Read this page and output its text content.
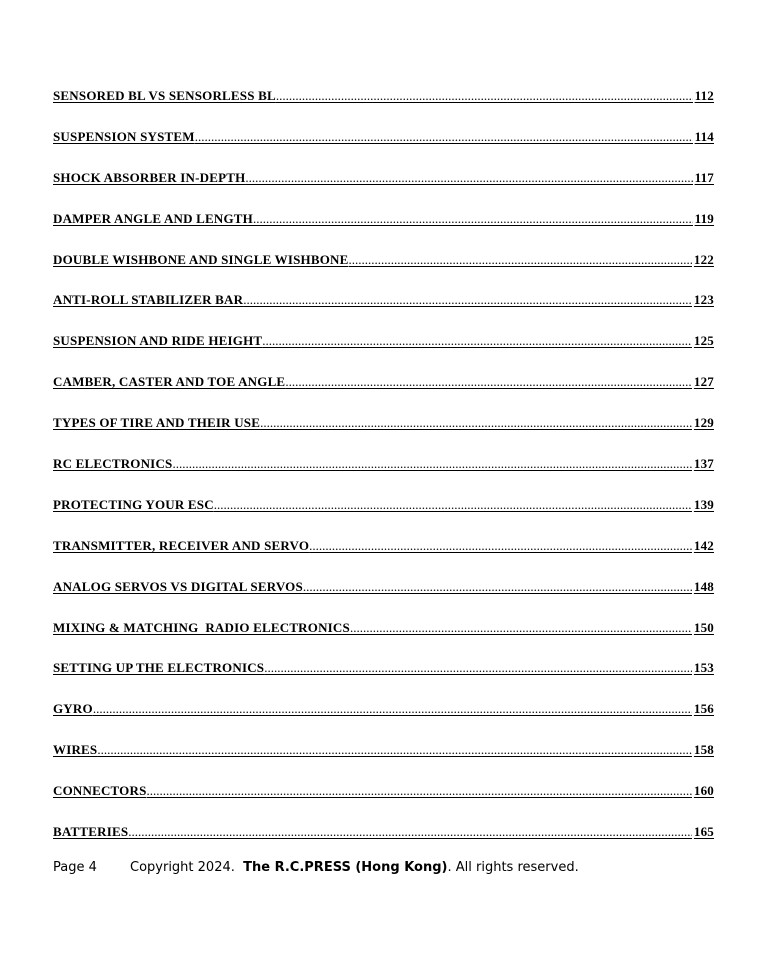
SENSORED BL VS SENSORLESS BL .....	112
SUSPENSION SYSTEM .....	114
SHOCK ABSORBER IN-DEPTH .....	117
DAMPER ANGLE AND LENGTH .....	119
DOUBLE WISHBONE AND SINGLE WISHBONE .....	122
ANTI-ROLL STABILIZER BAR .....	123
SUSPENSION AND RIDE HEIGHT .....	125
CAMBER, CASTER AND TOE ANGLE .....	127
TYPES OF TIRE AND THEIR USE .....	129
RC ELECTRONICS .....	137
PROTECTING YOUR ESC .....	139
TRANSMITTER, RECEIVER AND SERVO .....	142
ANALOG SERVOS VS DIGITAL SERVOS .....	148
MIXING & MATCHING  RADIO ELECTRONICS .....	150
SETTING UP THE ELECTRONICS .....	153
GYRO .....	156
WIRES .....	158
CONNECTORS .....	160
BATTERIES .....	165
Page 4	Copyright 2024. The R.C.PRESS (Hong Kong). All rights reserved.
